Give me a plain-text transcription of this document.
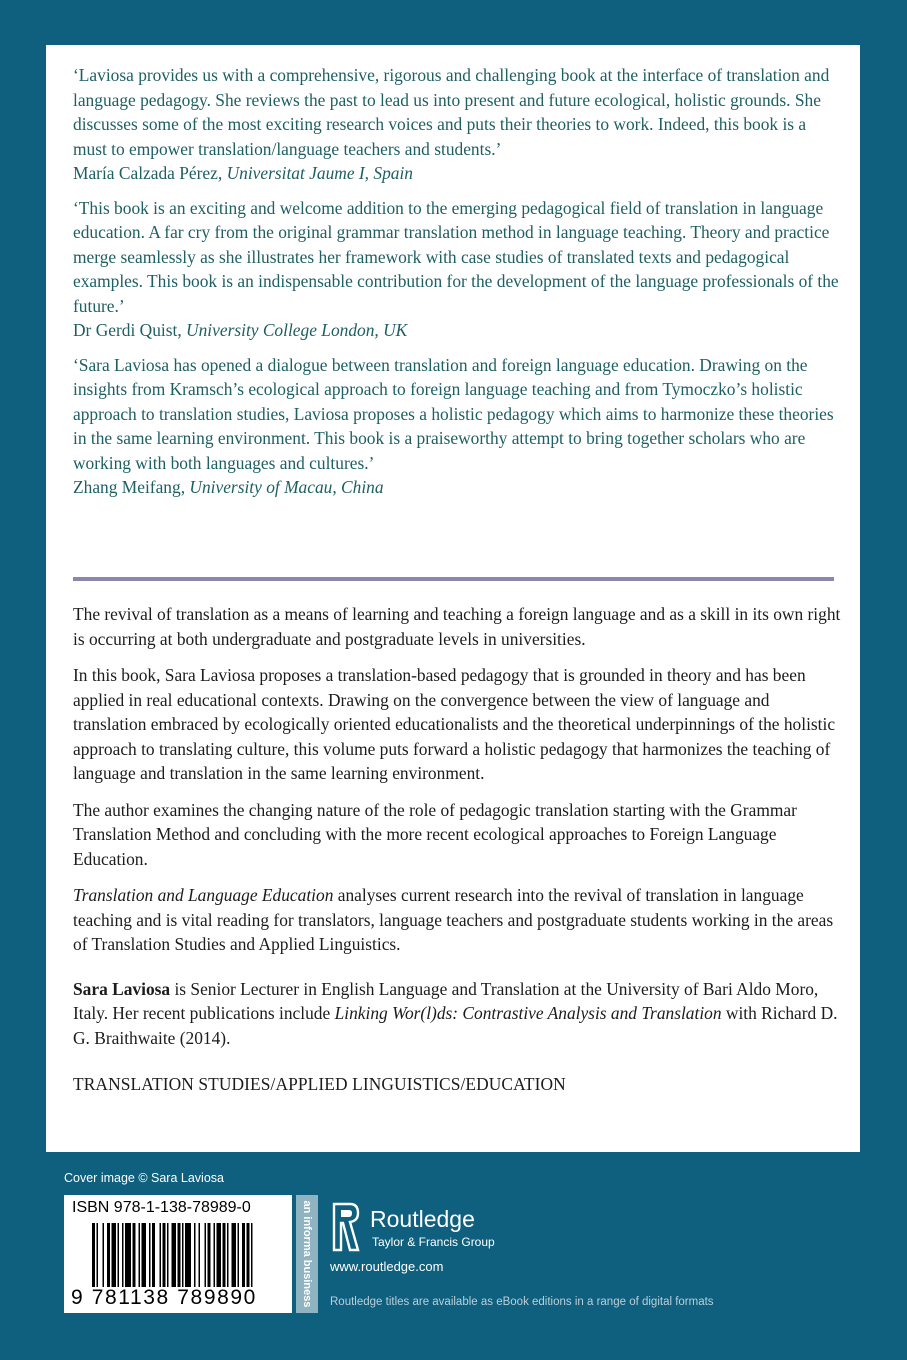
‘Laviosa provides us with a comprehensive, rigorous and challenging book at the interface of translation and language pedagogy. She reviews the past to lead us into present and future ecological, holistic grounds. She discusses some of the most exciting research voices and puts their theories to work. Indeed, this book is a must to empower translation/language teachers and students.’

María Calzada Pérez, Universitat Jaume I, Spain

‘This book is an exciting and welcome addition to the emerging pedagogical field of translation in language education. A far cry from the original grammar translation method in language teaching. Theory and practice merge seamlessly as she illustrates her framework with case studies of translated texts and pedagogical examples. This book is an indispensable contribution for the development of the language professionals of the future.’

Dr Gerdi Quist, University College London, UK

‘Sara Laviosa has opened a dialogue between translation and foreign language education. Drawing on the insights from Kramsch’s ecological approach to foreign language teaching and from Tymoczko’s holistic approach to translation studies, Laviosa proposes a holistic pedagogy which aims to harmonize these theories in the same learning environment. This book is a praiseworthy attempt to bring together scholars who are working with both languages and cultures.’

Zhang Meifang, University of Macau, China

The revival of translation as a means of learning and teaching a foreign language and as a skill in its own right is occurring at both undergraduate and postgraduate levels in universities.

In this book, Sara Laviosa proposes a translation-based pedagogy that is grounded in theory and has been applied in real educational contexts. Drawing on the convergence between the view of language and translation embraced by ecologically oriented educationalists and the theoretical underpinnings of the holistic approach to translating culture, this volume puts forward a holistic pedagogy that harmonizes the teaching of language and translation in the same learning environment.

The author examines the changing nature of the role of pedagogic translation starting with the Grammar Translation Method and concluding with the more recent ecological approaches to Foreign Language Education.

Translation and Language Education analyses current research into the revival of translation in language teaching and is vital reading for translators, language teachers and postgraduate students working in the areas of Translation Studies and Applied Linguistics.

Sara Laviosa is Senior Lecturer in English Language and Translation at the University of Bari Aldo Moro, Italy. Her recent publications include Linking Wor(l)ds: Contrastive Analysis and Translation with Richard D. G. Braithwaite (2014).

TRANSLATION STUDIES/APPLIED LINGUISTICS/EDUCATION

Cover image © Sara Laviosa
ISBN 978-1-138-78989-0
9 781138 789890	an informa business Routledge
Taylor & Francis Group
www.routledge.com
Routledge titles are available as eBook editions in a range of digital formats
